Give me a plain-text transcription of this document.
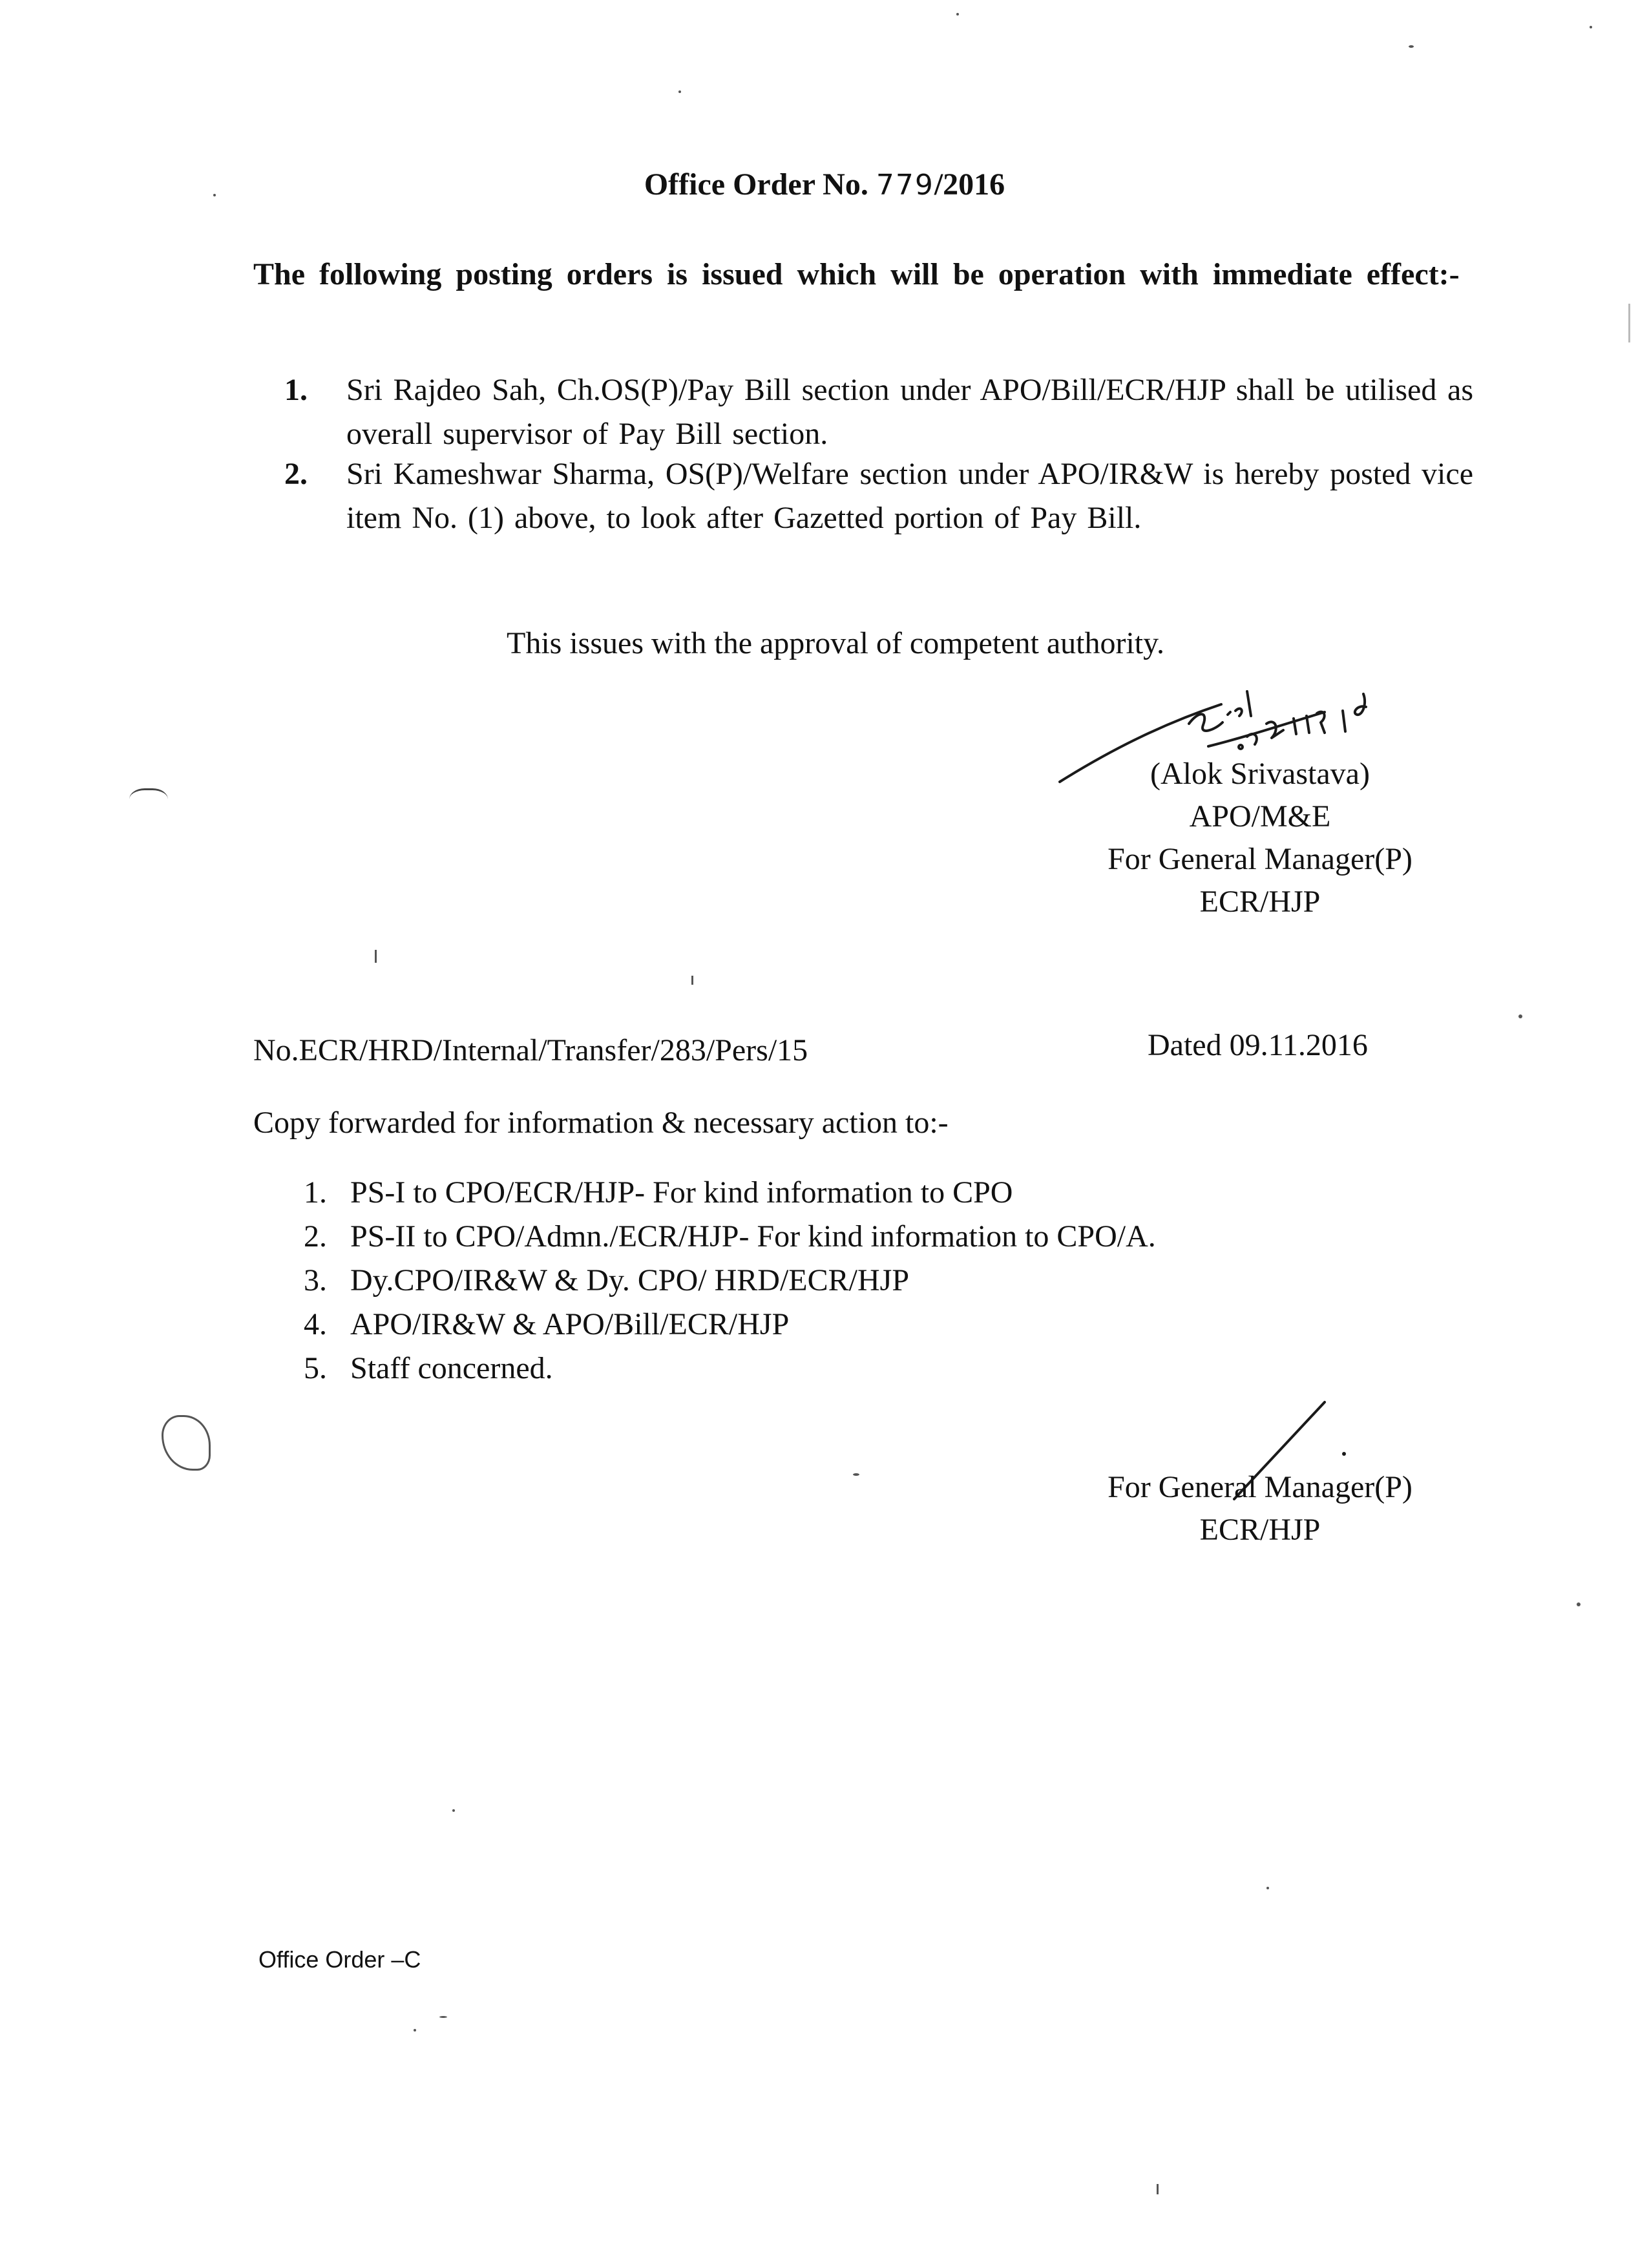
Office Order No. 779/2016
The following posting orders is issued which will be operation with immediate effect:-
1. Sri Rajdeo Sah, Ch.OS(P)/Pay Bill section under APO/Bill/ECR/HJP shall be utilised as overall supervisor of Pay Bill section.
2. Sri Kameshwar Sharma, OS(P)/Welfare section under APO/IR&W is hereby posted vice item No. (1) above, to look after Gazetted portion of Pay Bill.
This issues with the approval of competent authority.
(Alok Srivastava)
APO/M&E
For General Manager(P)
ECR/HJP
No.ECR/HRD/Internal/Transfer/283/Pers/15	Dated 09.11.2016
Copy forwarded for information & necessary action to:-
1. PS-I to CPO/ECR/HJP- For kind information to CPO
2. PS-II to CPO/Admn./ECR/HJP- For kind information to CPO/A.
3. Dy.CPO/IR&W & Dy. CPO/ HRD/ECR/HJP
4. APO/IR&W & APO/Bill/ECR/HJP
5. Staff concerned.
For General Manager(P)
ECR/HJP
Office Order –C
